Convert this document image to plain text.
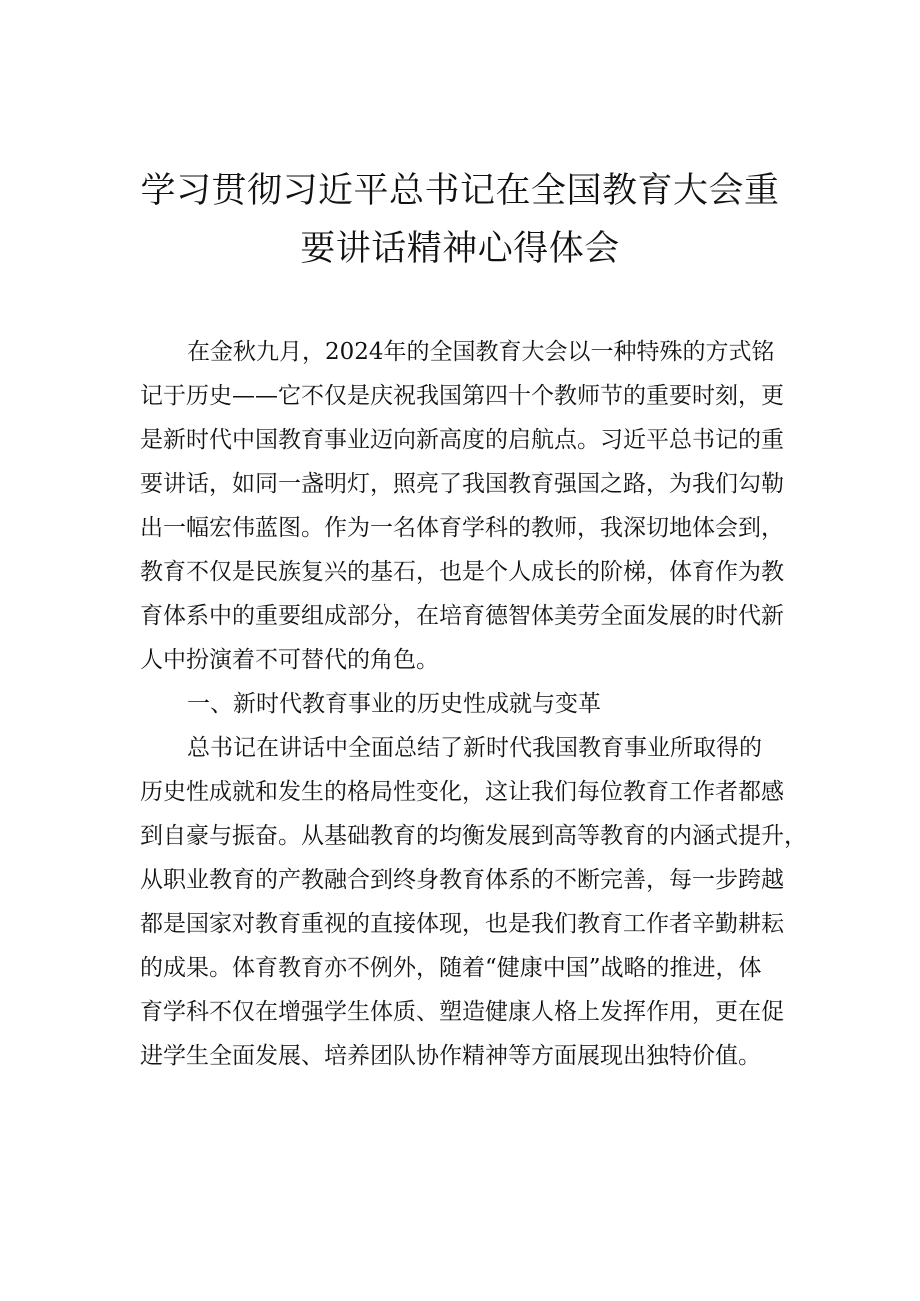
学习贯彻习近平总书记在全国教育大会重
要讲话精神心得体会
在金秋九月，2024年的全国教育大会以一种特殊的方式铭
记于历史——它不仅是庆祝我国第四十个教师节的重要时刻，更
是新时代中国教育事业迈向新高度的启航点。习近平总书记的重
要讲话，如同一盏明灯，照亮了我国教育强国之路，为我们勾勒
出一幅宏伟蓝图。作为一名体育学科的教师，我深切地体会到，
教育不仅是民族复兴的基石，也是个人成长的阶梯，体育作为教
育体系中的重要组成部分，在培育德智体美劳全面发展的时代新
人中扮演着不可替代的角色。
一、新时代教育事业的历史性成就与变革
总书记在讲话中全面总结了新时代我国教育事业所取得的
历史性成就和发生的格局性变化，这让我们每位教育工作者都感
到自豪与振奋。从基础教育的均衡发展到高等教育的内涵式提升，
从职业教育的产教融合到终身教育体系的不断完善，每一步跨越
都是国家对教育重视的直接体现，也是我们教育工作者辛勤耕耘
的成果。体育教育亦不例外，随着“健康中国”战略的推进，体
育学科不仅在增强学生体质、塑造健康人格上发挥作用，更在促
进学生全面发展、培养团队协作精神等方面展现出独特价值。
